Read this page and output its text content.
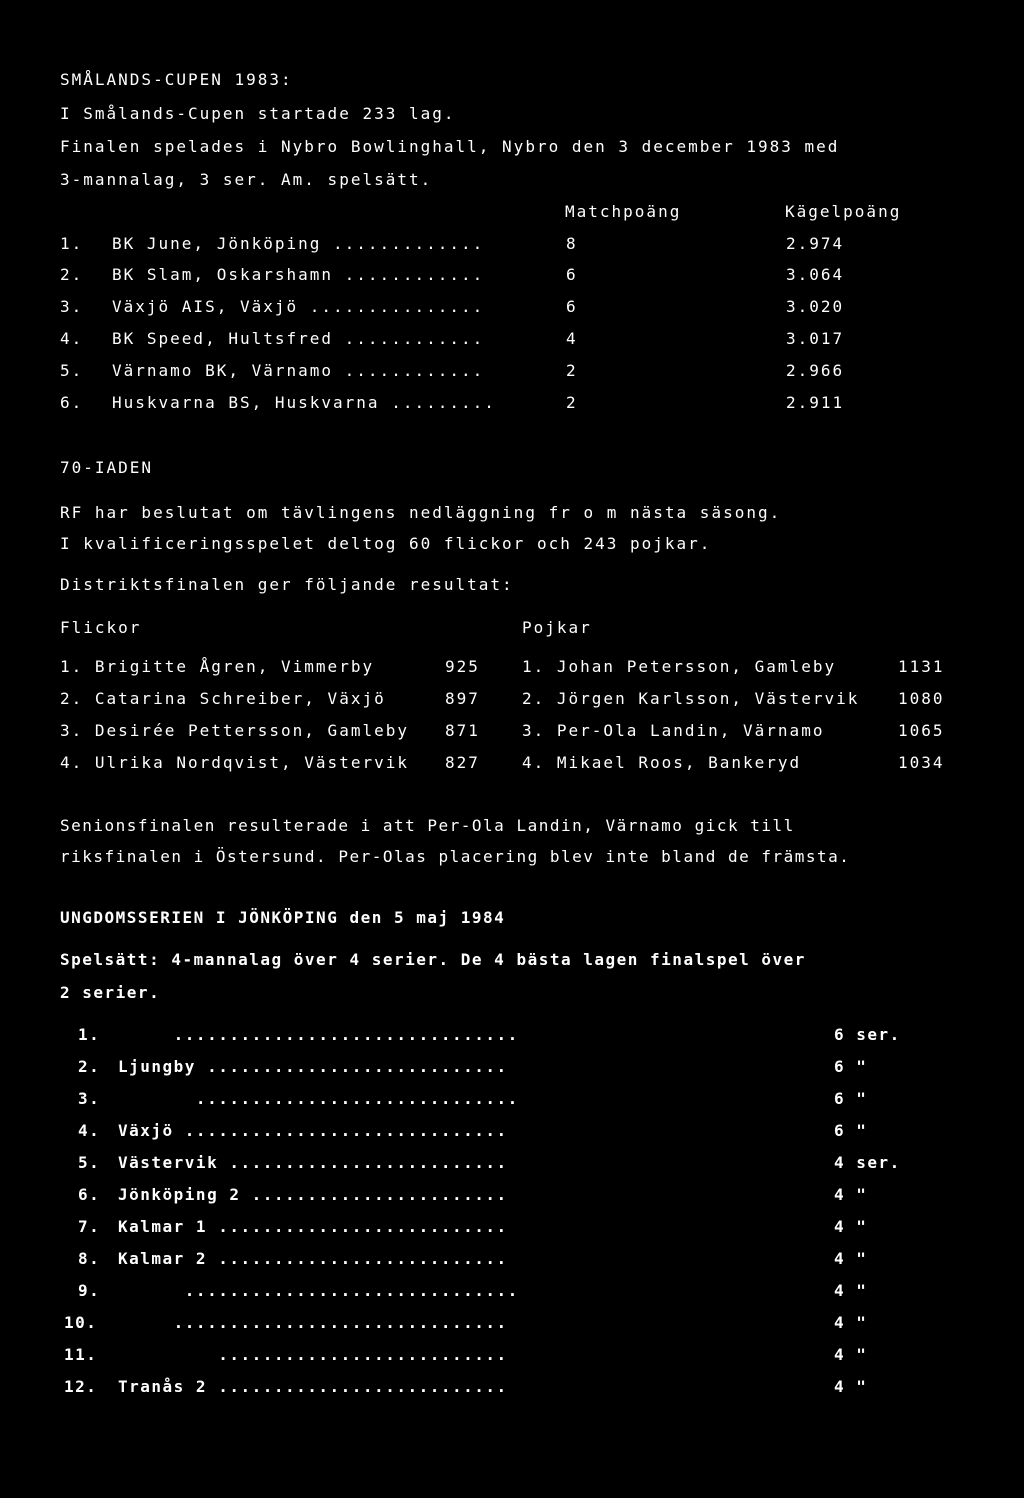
SMÅLANDS-CUPEN 1983:
I Smålands-Cupen startade 233 lag.
Finalen spelades i Nybro Bowlinghall, Nybro den 3 december 1983 med
3-mannalag, 3 ser. Am. spelsätt.
Matchpoäng	Kägelpoäng
1. BK June, Jönköping .............	8	2.974
2. BK Slam, Oskarshamn ............	6	3.064
3. Växjö AIS, Växjö ...............	6	3.020
4. BK Speed, Hultsfred ............	4	3.017
5. Värnamo BK, Värnamo ............	2	2.966
6. Huskvarna BS, Huskvarna .........	2	2.911
70-IADEN
RF har beslutat om tävlingens nedläggning fr o m nästa säsong.
I kvalificeringsspelet deltog 60 flickor och 243 pojkar.
Distriktsfinalen ger följande resultat:
Flickor	Pojkar
1. Brigitte Ågren, Vimmerby	925
2. Catarina Schreiber, Växjö	897
3. Desirée Pettersson, Gamleby 871
4. Ulrika Nordqvist, Västervik 827
1. Johan Petersson, Gamleby	1131
2. Jörgen Karlsson, Västervik 1080
3. Per-Ola Landin, Värnamo	1065
4. Mikael Roos, Bankeryd	1034
Senionsfinalen resulterade i att Per-Ola Landin, Värnamo gick till
riksfinalen i Östersund. Per-Olas placering blev inte bland de främsta.
UNGDOMSSERIEN I JÖNKÖPING den 5 maj 1984
Spelsätt: 4-mannalag över 4 serier. De 4 bästa lagen finalspel över
2 serier.
1. ...............................	6 ser.
2. Ljungby ...........................	6 "
3. .............................	6 "
4. Växjö .............................	6 "
5. Västervik .........................	4 ser.
6. Jönköping 2 .......................	4 "
7. Kalmar 1 ..........................	4 "
8. Kalmar 2 ..........................	4 "
9. ..............................	4 "
10. ..............................	4 "
11. ..........................	4 "
12. Tranås 2 ..........................	4 "
